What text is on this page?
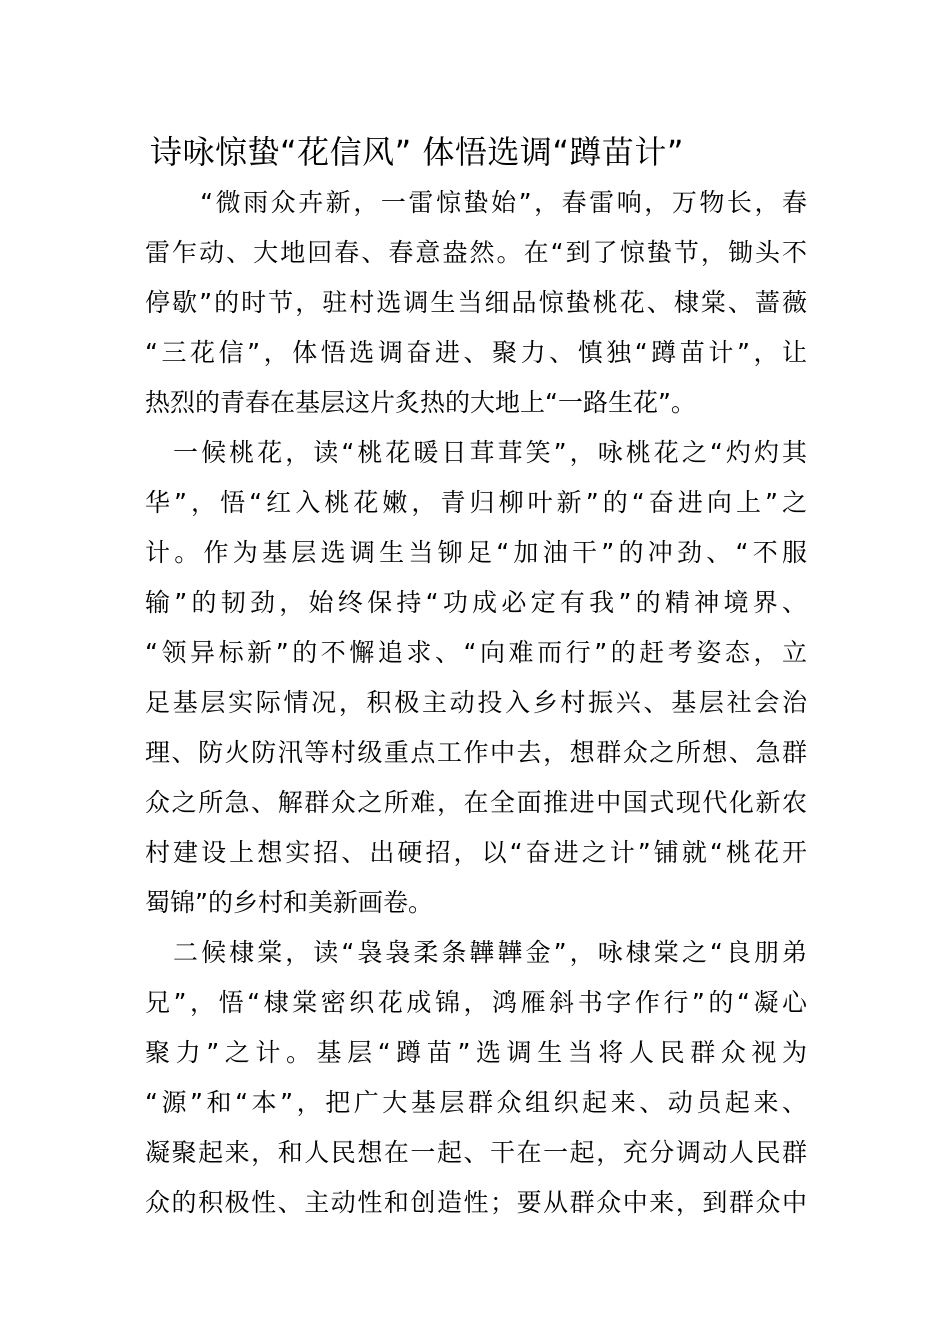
诗咏惊蛰“花信风” 体悟选调“蹲苗计”
　　“微雨众卉新，一雷惊蛰始”，春雷响，万物长，春
雷乍动、大地回春、春意盎然。在“到了惊蛰节，锄头不
停歇”的时节，驻村选调生当细品惊蛰桃花、棣棠、蔷薇
“三花信”，体悟选调奋进、聚力、慎独“蹲苗计”，让
热烈的青春在基层这片炙热的大地上“一路生花”。
　一候桃花，读“桃花暖日茸茸笑”，咏桃花之“灼灼其
华”，悟“红入桃花嫩，青归柳叶新”的“奋进向上”之
计。作为基层选调生当铆足“加油干”的冲劲、“不服
输”的韧劲，始终保持“功成必定有我”的精神境界、
“领异标新”的不懈追求、“向难而行”的赶考姿态，立
足基层实际情况，积极主动投入乡村振兴、基层社会治
理、防火防汛等村级重点工作中去，想群众之所想、急群
众之所急、解群众之所难，在全面推进中国式现代化新农
村建设上想实招、出硬招，以“奋进之计”铺就“桃花开
蜀锦”的乡村和美新画卷。
　二候棣棠，读“袅袅柔条韡韡金”，咏棣棠之“良朋弟
兄”，悟“棣棠密织花成锦，鸿雁斜书字作行”的“凝心
聚力”之计。基层“蹲苗”选调生当将人民群众视为
“源”和“本”，把广大基层群众组织起来、动员起来、
凝聚起来，和人民想在一起、干在一起，充分调动人民群
众的积极性、主动性和创造性；要从群众中来，到群众中
